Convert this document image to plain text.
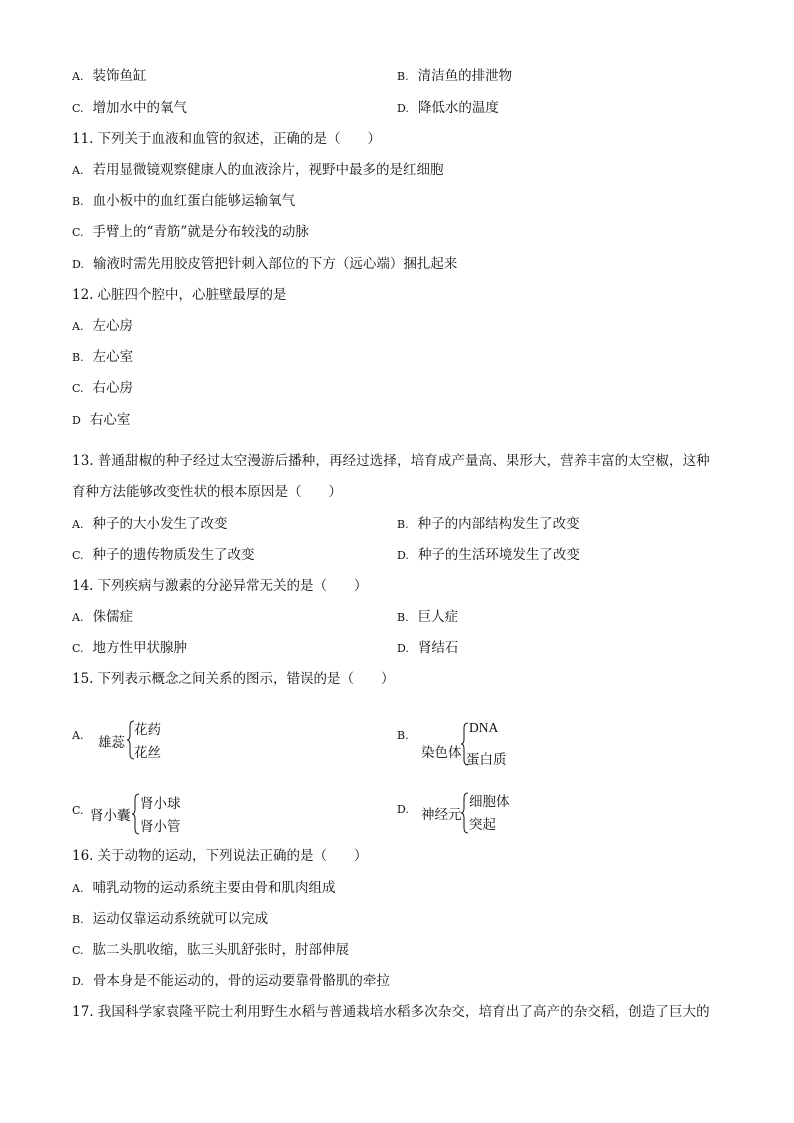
A. 装饰鱼缸	B. 清洁鱼的排泄物
C. 增加水中的氧气	D. 降低水的温度
11. 下列关于血液和血管的叙述，正确的是（　　）
A. 若用显微镜观察健康人的血液涂片，视野中最多的是红细胞
B. 血小板中的血红蛋白能够运输氧气
C. 手臂上的“青筋”就是分布较浅的动脉
D. 输液时需先用胶皮管把针刺入部位的下方（远心端）捆扎起来
12. 心脏四个腔中，心脏壁最厚的是
A. 左心房
B. 左心室
C. 右心房
D 右心室
13. 普通甜椒的种子经过太空漫游后播种，再经过选择，培育成产量高、果形大，营养丰富的太空椒，这种
育种方法能够改变性状的根本原因是（　　）
A. 种子的大小发生了改变	B. 种子的内部结构发生了改变
C. 种子的遗传物质发生了改变	D. 种子的生活环境发生了改变
14. 下列疾病与激素的分泌异常无关的是（　　）
A. 侏儒症	B. 巨人症
C. 地方性甲状腺肿	D. 肾结石
15. 下列表示概念之间关系的图示，错误的是（　　）
A. 雄蕊
花药
花丝
B.
染色体
DNA
蛋白质
C. 肾小囊
肾小球
肾小管
D. 神经元
细胞体
突起
16. 关于动物的运动，下列说法正确的是（　　）
A. 哺乳动物的运动系统主要由骨和肌肉组成
B. 运动仅靠运动系统就可以完成
C. 肱二头肌收缩，肱三头肌舒张时，肘部伸展
D. 骨本身是不能运动的，骨的运动要靠骨骼肌的牵拉
17. 我国科学家袁隆平院士利用野生水稻与普通栽培水稻多次杂交，培育出了高产的杂交稻，创造了巨大的
